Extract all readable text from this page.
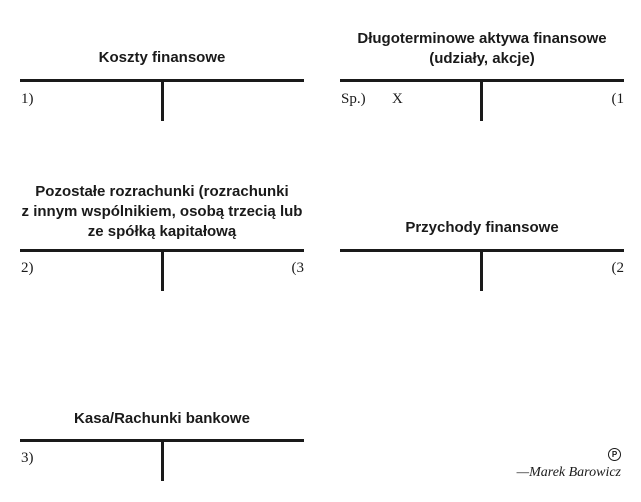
Koszty finansowe
1)
Długoterminowe aktywa finansowe
(udziały, akcje)
Sp.) X	(1
Pozostałe rozrachunki (rozrachunki
z innym wspólnikiem, osobą trzecią lub
ze spółką kapitałową
2)	(3
Przychody finansowe
(2
Kasa/Rachunki bankowe
3)	P
—Marek Barowicz
